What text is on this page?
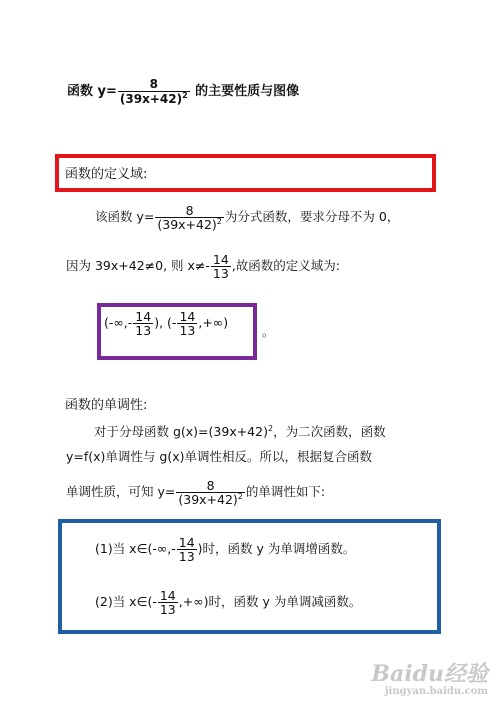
函数 $y= \frac{8}{(39x+42)^2}$ 的主要性质与图像
函数的定义域:
该函数 $y= \frac{8}{(39x+42)^2}$ 为分式函数，要求分母不为 0，
因为 39x+42≠0, 则 $x\ne- \frac{14}{13}$ ,故函数的定义域为:
(-∞,- $\frac{14}{13}$ ), (- $\frac{14}{13}$ ,+∞)
。
函数的单调性:
对于分母函数 $g(x)=(39x+42)^2$，为二次函数，函数
y=f(x)单调性与 g(x)单调性相反。所以，根据复合函数
单调性质，可知 $y= \frac{8}{(39x+42)^2}$ 的单调性如下:
(1)当 x∈(-∞,- $\frac{14}{13}$ )时，函数 y 为单调增函数。
(2)当 x∈(- $\frac{14}{13}$ ,+∞)时，函数 y 为单调减函数。
Baidu经验
jingyan.baidu.com
